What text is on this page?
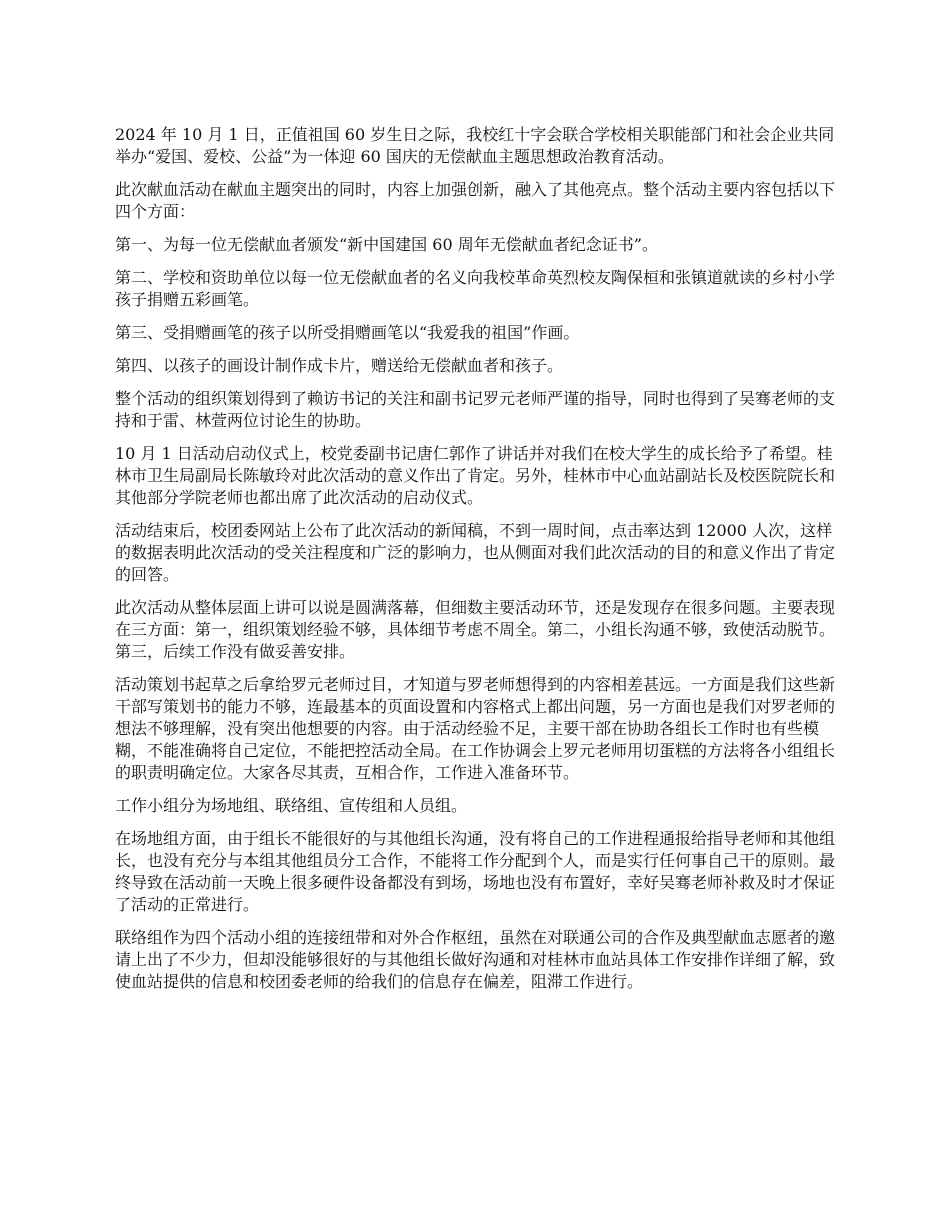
2024 年 10 月 1 日，正值祖国 60 岁生日之际，我校红十字会联合学校相关职能部门和社会企业共同举办“爱国、爱校、公益”为一体迎 60 国庆的无偿献血主题思想政治教育活动。

此次献血活动在献血主题突出的同时，内容上加强创新，融入了其他亮点。整个活动主要内容包括以下四个方面：

第一、为每一位无偿献血者颁发“新中国建国 60 周年无偿献血者纪念证书”。

第二、学校和资助单位以每一位无偿献血者的名义向我校革命英烈校友陶保桓和张镇道就读的乡村小学孩子捐赠五彩画笔。

第三、受捐赠画笔的孩子以所受捐赠画笔以“我爱我的祖国”作画。

第四、以孩子的画设计制作成卡片，赠送给无偿献血者和孩子。

整个活动的组织策划得到了赖访书记的关注和副书记罗元老师严谨的指导，同时也得到了吴骞老师的支持和于雷、林萱两位讨论生的协助。

10 月 1 日活动启动仪式上，校党委副书记唐仁郭作了讲话并对我们在校大学生的成长给予了希望。桂林市卫生局副局长陈敏玲对此次活动的意义作出了肯定。另外，桂林市中心血站副站长及校医院院长和其他部分学院老师也都出席了此次活动的启动仪式。

活动结束后，校团委网站上公布了此次活动的新闻稿，不到一周时间，点击率达到 12000 人次，这样的数据表明此次活动的受关注程度和广泛的影响力，也从侧面对我们此次活动的目的和意义作出了肯定的回答。

此次活动从整体层面上讲可以说是圆满落幕，但细数主要活动环节，还是发现存在很多问题。主要表现在三方面：第一，组织策划经验不够，具体细节考虑不周全。第二，小组长沟通不够，致使活动脱节。第三，后续工作没有做妥善安排。

活动策划书起草之后拿给罗元老师过目，才知道与罗老师想得到的内容相差甚远。一方面是我们这些新干部写策划书的能力不够，连最基本的页面设置和内容格式上都出问题，另一方面也是我们对罗老师的想法不够理解，没有突出他想要的内容。由于活动经验不足，主要干部在协助各组长工作时也有些模糊，不能准确将自己定位，不能把控活动全局。在工作协调会上罗元老师用切蛋糕的方法将各小组组长的职责明确定位。大家各尽其责，互相合作，工作进入准备环节。

工作小组分为场地组、联络组、宣传组和人员组。

在场地组方面，由于组长不能很好的与其他组长沟通，没有将自己的工作进程通报给指导老师和其他组长，也没有充分与本组其他组员分工合作，不能将工作分配到个人，而是实行任何事自己干的原则。最终导致在活动前一天晚上很多硬件设备都没有到场，场地也没有布置好，幸好吴骞老师补救及时才保证了活动的正常进行。

联络组作为四个活动小组的连接纽带和对外合作枢纽，虽然在对联通公司的合作及典型献血志愿者的邀请上出了不少力，但却没能够很好的与其他组长做好沟通和对桂林市血站具体工作安排作详细了解，致使血站提供的信息和校团委老师的给我们的信息存在偏差，阻滞工作进行。
